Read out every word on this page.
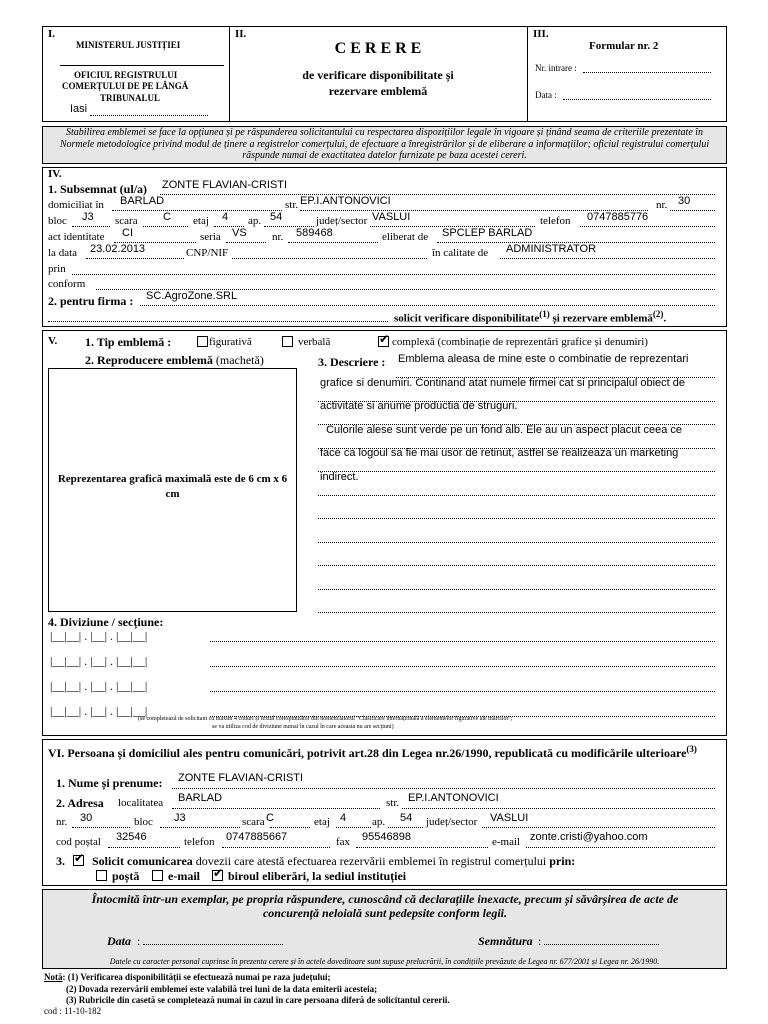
I.
MINISTERUL JUSTIȚIEI
OFICIUL REGISTRULUI
COMERȚULUI DE PE LÂNGĂ
TRIBUNALUL
Iasi
II.
C E R E R E
de verificare disponibilitate și
rezervare emblemă
III.
Formular nr. 2
Nr. intrare :
Data :
Stabilirea emblemei se face la opțiunea și pe răspunderea solicitantului cu respectarea dispozițiilor legale în vigoare și ținând seama de criteriile prezentate în Normele metodologice privind modul de ținere a registrelor comerțului, de efectuare a înregistrărilor și de eliberare a informațiilor; oficiul registrului comerțului răspunde numai de exactitatea datelor furnizate pe baza acestei cereri.
IV.
1. Subsemnat (ul/a) ZONTE FLAVIAN-CRISTI
domiciliat în BARLAD	str. EP.I.ANTONOVICI	nr. 30
bloc J3 scara C etaj 4 ap. 54	județ/sector VASLUI	telefon 0747885776
act identitate CI	seria VS nr. 589468	eliberat de SPCLEP BARLAD
la data 23.02.2013	CNP/NIF	în calitate de ADMINISTRATOR
prin
conform
2. pentru firma : SC.AgroZone.SRL
solicit verificare disponibilitate$^{(1)}$ și rezervare emblemă$^{(2)}$.
V. 1. Tip emblemă :	figurativă	verbală	✔ complexă (combinație de reprezentări grafice și denumiri)
2. Reproducere emblemă (machetă)
Reprezentarea grafică maximală este de 6 cm x 6 cm
3. Descriere : Emblema aleasa de mine este o combinatie de reprezentari
grafice si denumiri. Continand atat numele firmei cat si principalul obiect de
activitate si anume productia de struguri.
Culorile alese sunt verde pe un fond alb. Ele au un aspect placut ceea ce
face ca logoul sa fie mai usor de retinut, astfel se realizeaza un marketing
indirect.
4. Diviziune / secțiune:
|__|__| . |__| . |__|__|
|__|__| . |__| . |__|__|
|__|__| . |__| . |__|__|
|__|__| . |__| . |__|__|
(se completează de solicitant cu maxim 4 coduri și textul corespunzător din nomenclatorul "Clasificare internațională a elementelor figurative ale mărcilor";
se va utiliza cod de diviziune numai în cazul în care aceasta nu are secțiuni)
VI. Persoana și domiciliul ales pentru comunicări, potrivit art.28 din Legea nr.26/1990, republicată cu modificările ulterioare$^{(3)}$
1. Nume și prenume: ZONTE FLAVIAN-CRISTI
2. Adresa localitatea BARLAD	str. EP.I.ANTONOVICI
nr. 30	bloc J3	scara C	etaj 4 ap. 54 județ/sector VASLUI
cod poștal 32546	telefon 0747885667	fax 95546898	e-mail zonte.cristi@yahoo.com
3. ✔ Solicit comunicarea dovezii care atestă efectuarea rezervării emblemei în registrul comerțului prin:
poștă e-mail ✔ biroul eliberări, la sediul instituției
Întocmită într-un exemplar, pe propria răspundere, cunoscând că declarațiile inexacte, precum și săvârșirea de acte de concurență neloială sunt pedepsite conform legii.
Data :	Semnătura :
Datele cu caracter personal cuprinse în prezenta cerere și în actele doveditoare sunt supuse prelucrării, în condițiile prevăzute de Legea nr. 677/2001 și Legea nr. 26/1990.
Notă: (1) Verificarea disponibilității se efectuează numai pe raza județului;
(2) Dovada rezervării emblemei este valabilă trei luni de la data emiterii acesteia;
(3) Rubricile din casetă se completează numai în cazul în care persoana diferă de solicitantul cererii.
cod : 11-10-182
